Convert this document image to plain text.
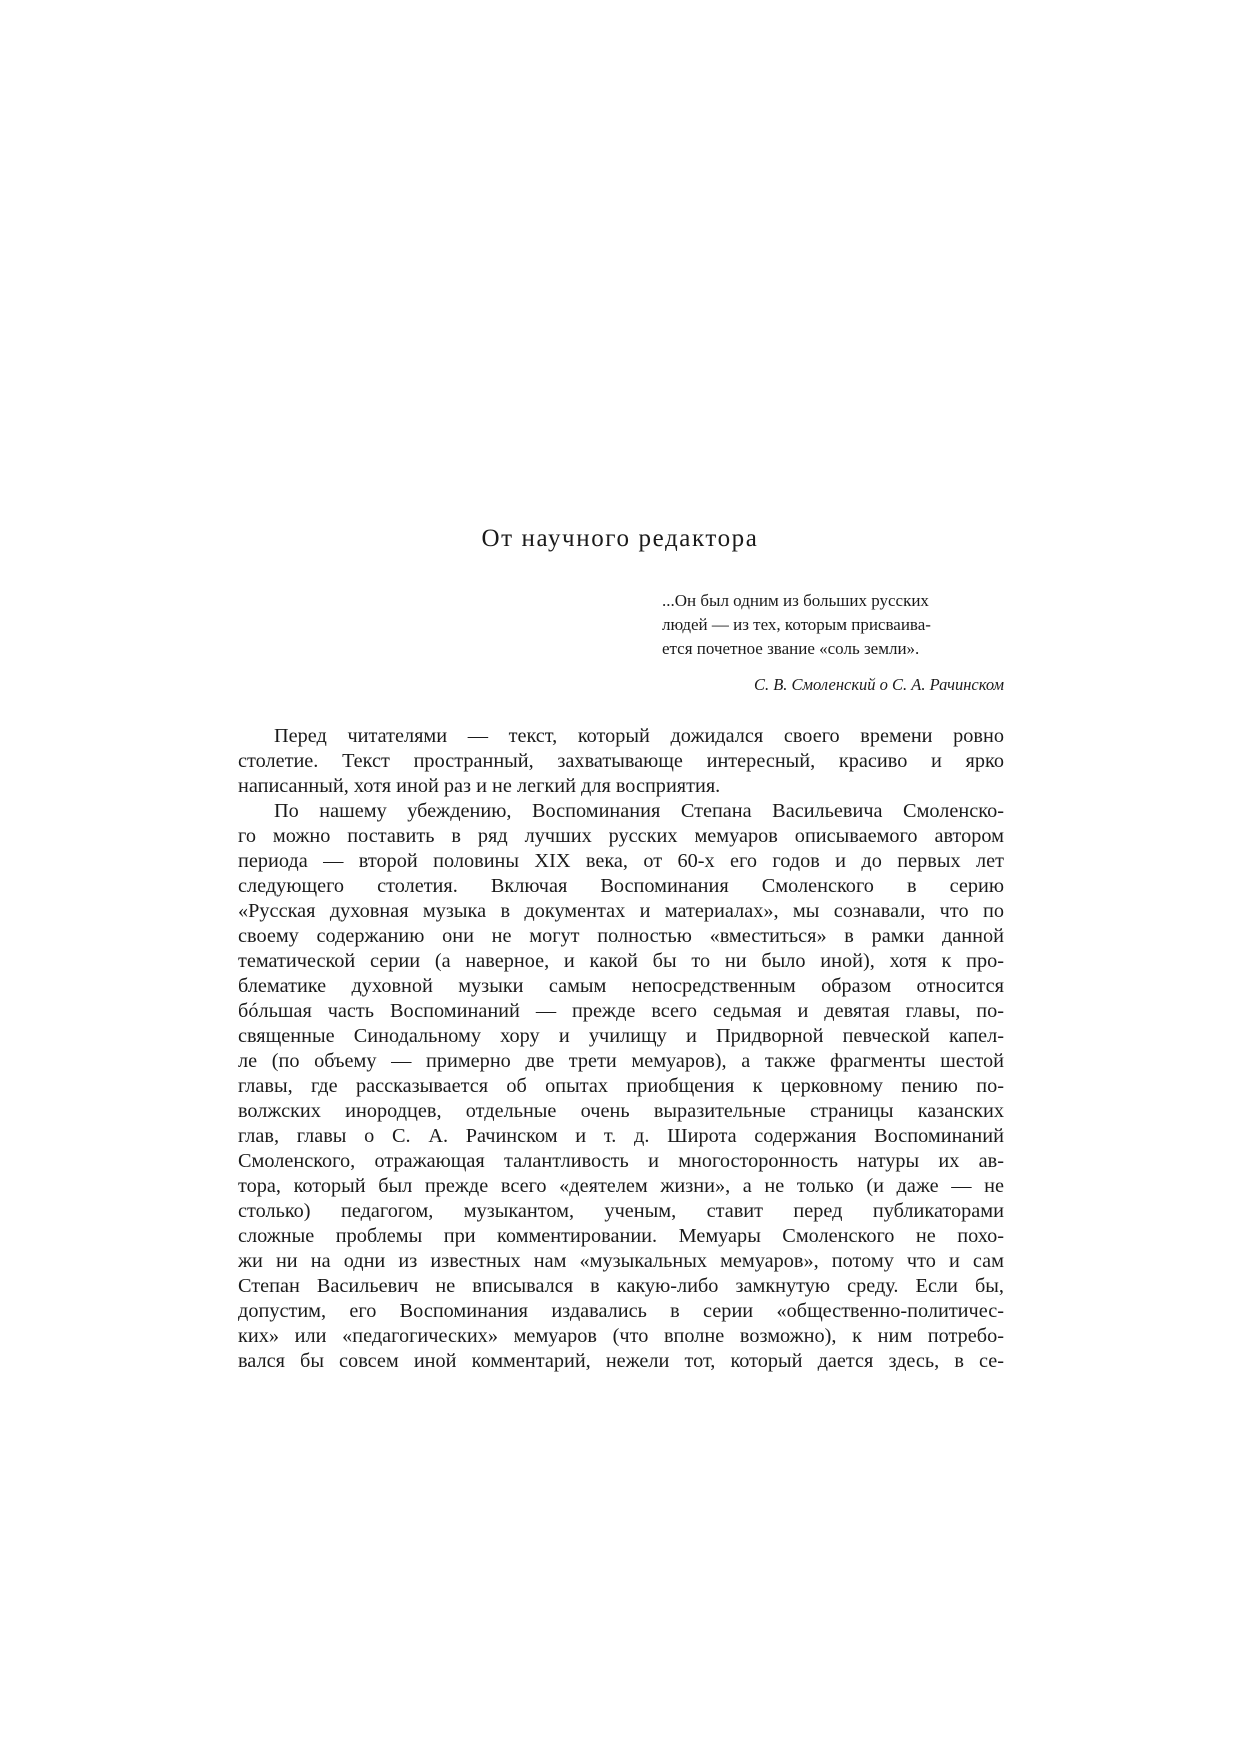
От научного редактора

...Он был одним из больших русских
людей — из тех, которым присваива-
ется почетное звание «соль земли».

С. В. Смоленский о С. А. Рачинском

Перед читателями — текст, который дожидался своего времени ровно
столетие. Текст пространный, захватывающе интересный, красиво и ярко
написанный, хотя иной раз и не легкий для восприятия.

По нашему убеждению, Воспоминания Степана Васильевича Смоленско-
го можно поставить в ряд лучших русских мемуаров описываемого автором
периода — второй половины XIX века, от 60-х его годов и до первых лет
следующего столетия. Включая Воспоминания Смоленского в серию
«Русская духовная музыка в документах и материалах», мы сознавали, что по
своему содержанию они не могут полностью «вместиться» в рамки данной
тематической серии (а наверное, и какой бы то ни было иной), хотя к про-
блематике духовной музыки самым непосредственным образом относится
бóльшая часть Воспоминаний — прежде всего седьмая и девятая главы, по-
священные Синодальному хору и училищу и Придворной певческой капел-
ле (по объему — примерно две трети мемуаров), а также фрагменты шестой
главы, где рассказывается об опытах приобщения к церковному пению по-
волжских инородцев, отдельные очень выразительные страницы казанских
глав, главы о С. А. Рачинском и т. д. Широта содержания Воспоминаний
Смоленского, отражающая талантливость и многосторонность натуры их ав-
тора, который был прежде всего «деятелем жизни», а не только (и даже — не
столько) педагогом, музыкантом, ученым, ставит перед публикаторами
сложные проблемы при комментировании. Мемуары Смоленского не похо-
жи ни на одни из известных нам «музыкальных мемуаров», потому что и сам
Степан Васильевич не вписывался в какую-либо замкнутую среду. Если бы,
допустим, его Воспоминания издавались в серии «общественно-политичес-
ких» или «педагогических» мемуаров (что вполне возможно), к ним потребо-
вался бы совсем иной комментарий, нежели тот, который дается здесь, в се-
